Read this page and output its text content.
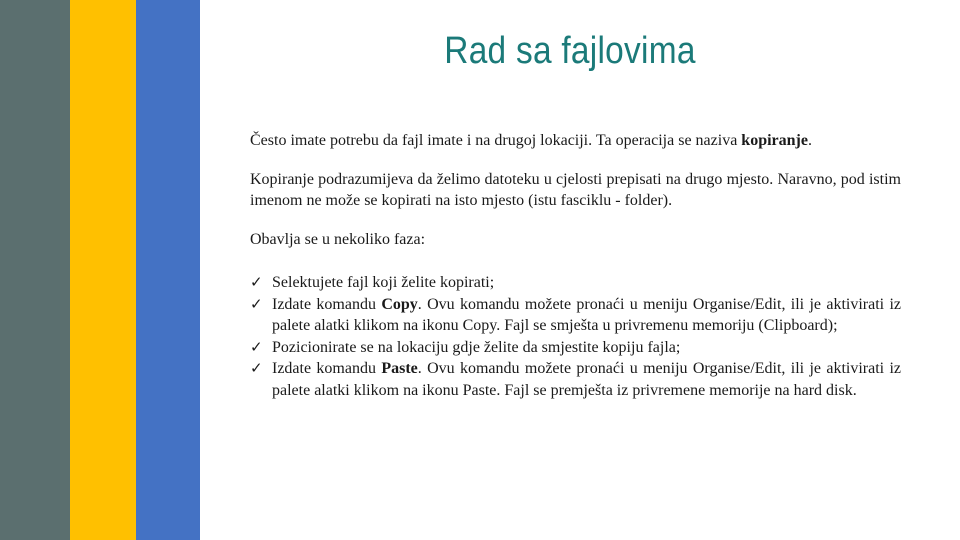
Rad sa fajlovima

Često imate potrebu da fajl imate i na drugoj lokaciji. Ta operacija se naziva kopiranje.

Kopiranje podrazumijeva da želimo datoteku u cjelosti prepisati na drugo mjesto. Naravno, pod istim imenom ne može se kopirati na isto mjesto (istu fasciklu - folder).

Obavlja se u nekoliko faza:

✓ Selektujete fajl koji želite kopirati;
✓ Izdate komandu Copy. Ovu komandu možete pronaći u meniju Organise/Edit, ili je aktivirati iz palete alatki klikom na ikonu Copy. Fajl se smješta u privremenu memoriju (Clipboard);
✓ Pozicionirate se na lokaciju gdje želite da smjestite kopiju fajla;
✓ Izdate komandu Paste. Ovu komandu možete pronaći u meniju Organise/Edit, ili je aktivirati iz palete alatki klikom na ikonu Paste. Fajl se premješta iz privremene memorije na hard disk.
